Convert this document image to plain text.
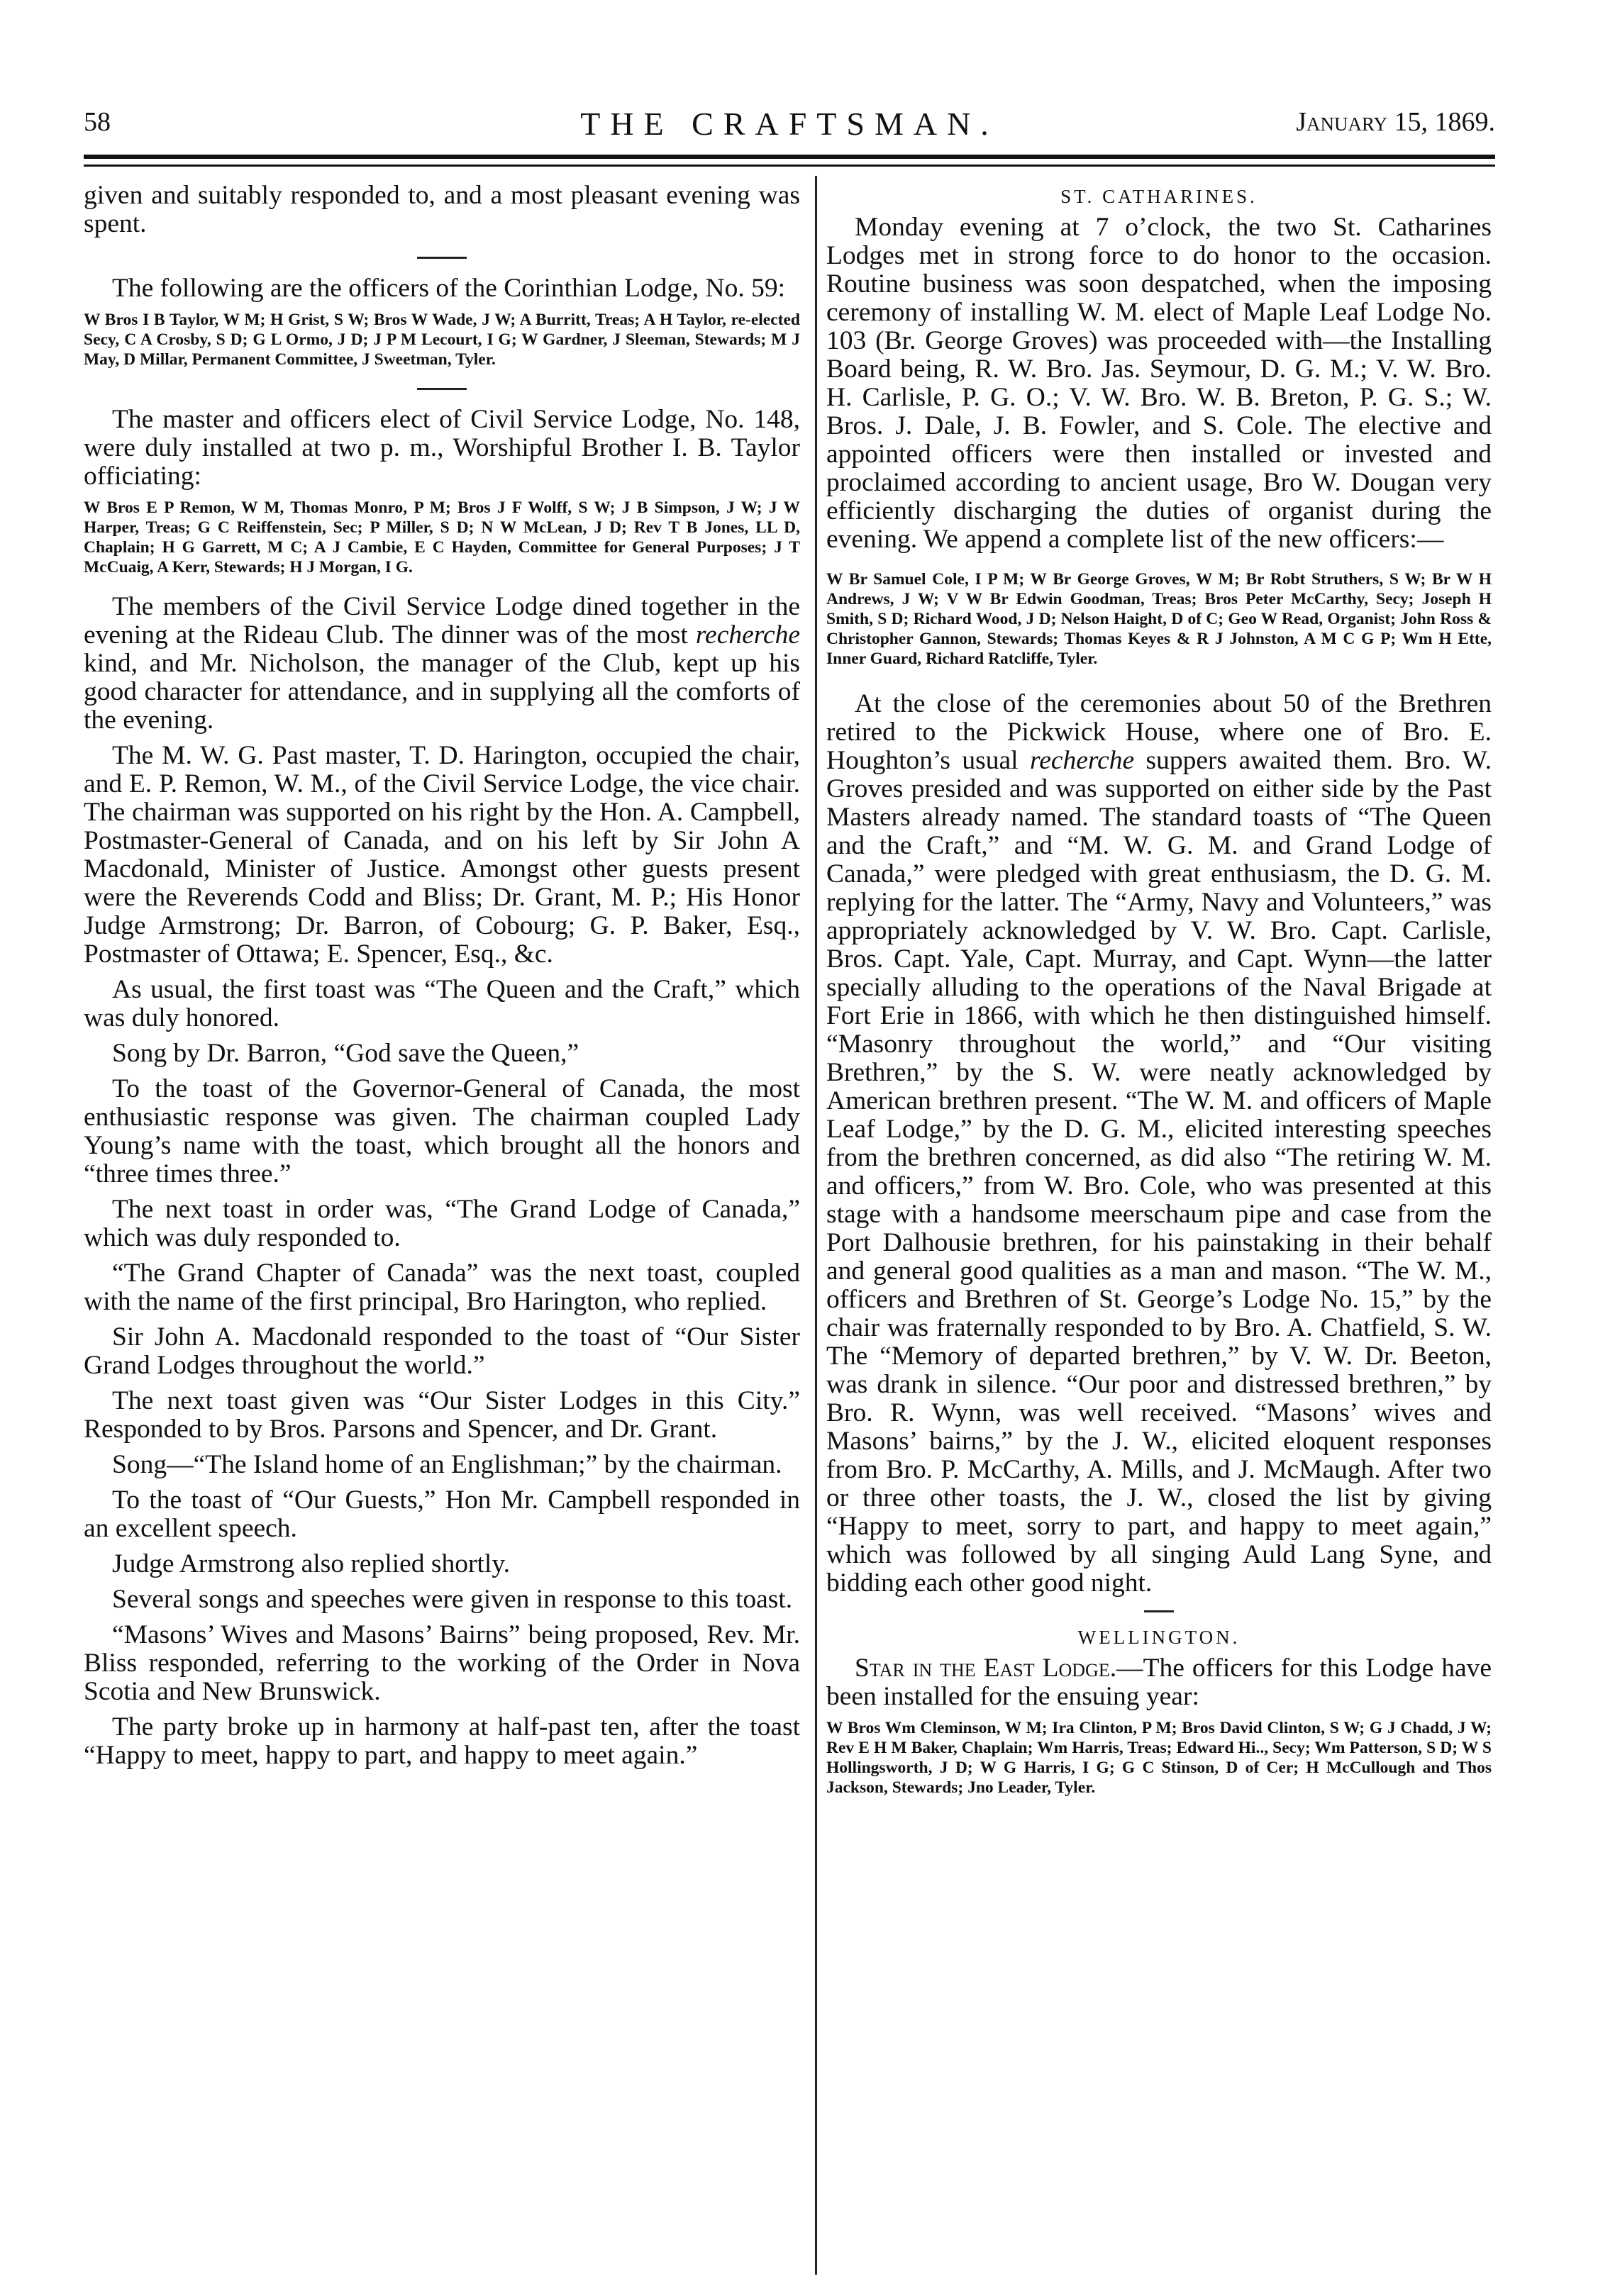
58	THE CRAFTSMAN.	January 15, 1869.

given and suitably responded to, and a most pleasant evening was spent.

The following are the officers of the Corinthian Lodge, No. 59:

W Bros I B Taylor, W M; H Grist, S W; Bros W Wade, J W; A Burritt, Treas; A H Taylor, re-elected Secy, C A Crosby, S D; G L Ormo, J D; J P M Lecourt, I G; W Gardner, J Sleeman, Stewards; M J May, D Millar, Permanent Committee, J Sweetman, Tyler.

The master and officers elect of Civil Service Lodge, No. 148, were duly installed at two p. m., Worshipful Brother I. B. Taylor officiating:

W Bros E P Remon, W M, Thomas Monro, P M; Bros J F Wolff, S W; J B Simpson, J W; J W Harper, Treas; G C Reiffenstein, Sec; P Miller, S D; N W McLean, J D; Rev T B Jones, LL D, Chaplain; H G Garrett, M C; A J Cambie, E C Hayden, Committee for General Purposes; J T McCuaig, A Kerr, Stewards; H J Morgan, I G.

The members of the Civil Service Lodge dined together in the evening at the Rideau Club. The dinner was of the most recherche kind, and Mr. Nicholson, the manager of the Club, kept up his good character for attendance, and in supplying all the comforts of the evening.

The M. W. G. Past master, T. D. Harington, occupied the chair, and E. P. Remon, W. M., of the Civil Service Lodge, the vice chair. The chairman was supported on his right by the Hon. A. Campbell, Postmaster-General of Canada, and on his left by Sir John A Macdonald, Minister of Justice. Amongst other guests present were the Reverends Codd and Bliss; Dr. Grant, M. P.; His Honor Judge Armstrong; Dr. Barron, of Cobourg; G. P. Baker, Esq., Postmaster of Ottawa; E. Spencer, Esq., &c.

As usual, the first toast was “The Queen and the Craft,” which was duly honored.

Song by Dr. Barron, “God save the Queen,”

To the toast of the Governor-General of Canada, the most enthusiastic response was given. The chairman coupled Lady Young’s name with the toast, which brought all the honors and “three times three.”

The next toast in order was, “The Grand Lodge of Canada,” which was duly responded to.

“The Grand Chapter of Canada” was the next toast, coupled with the name of the first principal, Bro Harington, who replied.

Sir John A. Macdonald responded to the toast of “Our Sister Grand Lodges throughout the world.”

The next toast given was “Our Sister Lodges in this City.” Responded to by Bros. Parsons and Spencer, and Dr. Grant.

Song—“The Island home of an Englishman;” by the chairman.

To the toast of “Our Guests,” Hon Mr. Campbell responded in an excellent speech.

Judge Armstrong also replied shortly.

Several songs and speeches were given in response to this toast.

“Masons’ Wives and Masons’ Bairns” being proposed, Rev. Mr. Bliss responded, referring to the working of the Order in Nova Scotia and New Brunswick.

The party broke up in harmony at half-past ten, after the toast “Happy to meet, happy to part, and happy to meet again.”

ST. CATHARINES.

Monday evening at 7 o’clock, the two St. Catharines Lodges met in strong force to do honor to the occasion. Routine business was soon despatched, when the imposing ceremony of installing W. M. elect of Maple Leaf Lodge No. 103 (Br. George Groves) was proceeded with—the Installing Board being, R. W. Bro. Jas. Seymour, D. G. M.; V. W. Bro. H. Carlisle, P. G. O.; V. W. Bro. W. B. Breton, P. G. S.; W. Bros. J. Dale, J. B. Fowler, and S. Cole. The elective and appointed officers were then installed or invested and proclaimed according to ancient usage, Bro W. Dougan very efficiently discharging the duties of organist during the evening. We append a complete list of the new officers:—

W Br Samuel Cole, I P M; W Br George Groves, W M; Br Robt Struthers, S W; Br W H Andrews, J W; V W Br Edwin Goodman, Treas; Bros Peter McCarthy, Secy; Joseph H Smith, S D; Richard Wood, J D; Nelson Haight, D of C; Geo W Read, Organist; John Ross & Christopher Gannon, Stewards; Thomas Keyes & R J Johnston, A M C G P; Wm H Ette, Inner Guard, Richard Ratcliffe, Tyler.

At the close of the ceremonies about 50 of the Brethren retired to the Pickwick House, where one of Bro. E. Houghton’s usual recherche suppers awaited them. Bro. W. Groves presided and was supported on either side by the Past Masters already named. The standard toasts of “The Queen and the Craft,” and “M. W. G. M. and Grand Lodge of Canada,” were pledged with great enthusiasm, the D. G. M. replying for the latter. The “Army, Navy and Volunteers,” was appropriately acknowledged by V. W. Bro. Capt. Carlisle, Bros. Capt. Yale, Capt. Murray, and Capt. Wynn—the latter specially alluding to the operations of the Naval Brigade at Fort Erie in 1866, with which he then distinguished himself. “Masonry throughout the world,” and “Our visiting Brethren,” by the S. W. were neatly acknowledged by American brethren present. “The W. M. and officers of Maple Leaf Lodge,” by the D. G. M., elicited interesting speeches from the brethren concerned, as did also “The retiring W. M. and officers,” from W. Bro. Cole, who was presented at this stage with a handsome meerschaum pipe and case from the Port Dalhousie brethren, for his painstaking in their behalf and general good qualities as a man and mason. “The W. M., officers and Brethren of St. George’s Lodge No. 15,” by the chair was fraternally responded to by Bro. A. Chatfield, S. W. The “Memory of departed brethren,” by V. W. Dr. Beeton, was drank in silence. “Our poor and distressed brethren,” by Bro. R. Wynn, was well received. “Masons’ wives and Masons’ bairns,” by the J. W., elicited eloquent responses from Bro. P. McCarthy, A. Mills, and J. McMaugh. After two or three other toasts, the J. W., closed the list by giving “Happy to meet, sorry to part, and happy to meet again,” which was followed by all singing Auld Lang Syne, and bidding each other good night.

WELLINGTON.

Star in the East Lodge.—The officers for this Lodge have been installed for the ensuing year:

W Bros Wm Cleminson, W M; Ira Clinton, P M; Bros David Clinton, S W; G J Chadd, J W; Rev E H M Baker, Chaplain; Wm Harris, Treas; Edward Hi.., Secy; Wm Patterson, S D; W S Hollingsworth, J D; W G Harris, I G; G C Stinson, D of Cer; H McCullough and Thos Jackson, Stewards; Jno Leader, Tyler.
